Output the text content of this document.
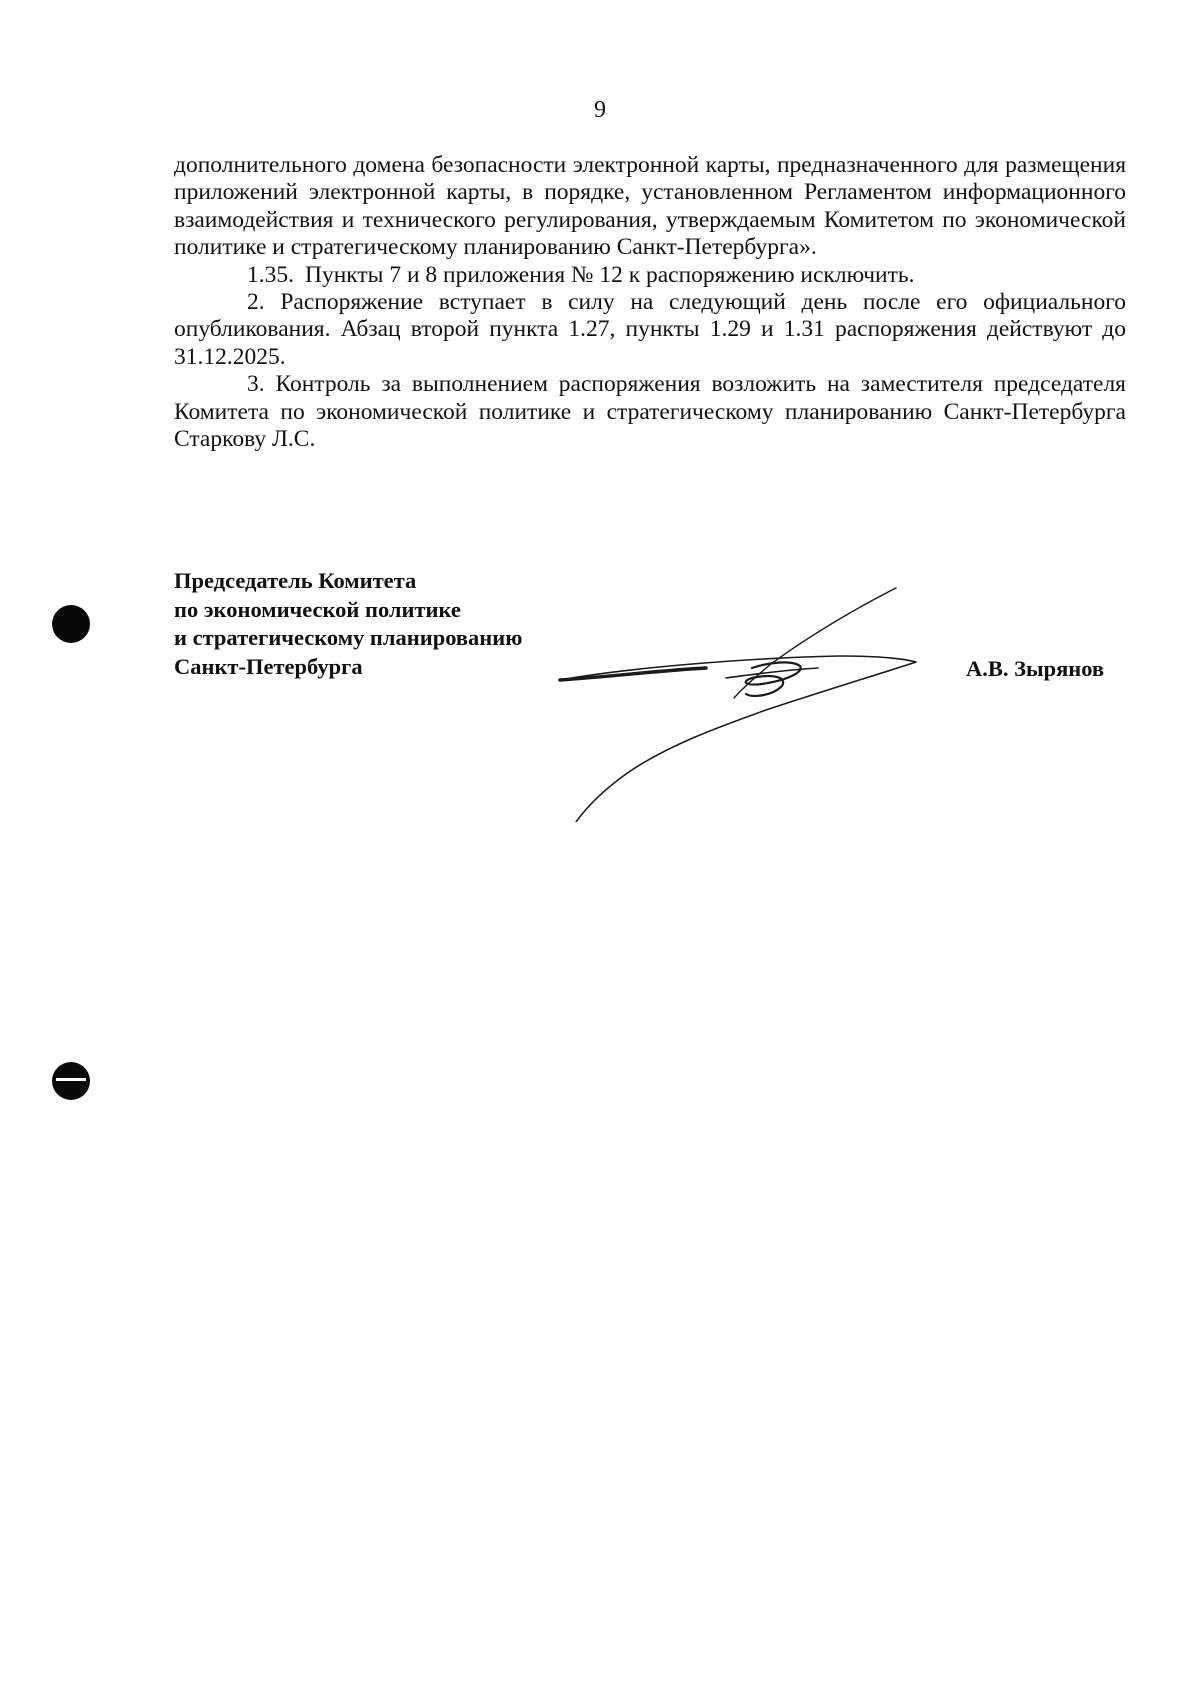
9

дополнительного домена безопасности электронной карты, предназначенного для размещения приложений электронной карты, в порядке, установленном Регламентом информационного взаимодействия и технического регулирования, утверждаемым Комитетом по экономической политике и стратегическому планированию Санкт-Петербурга».

1.35. Пункты 7 и 8 приложения № 12 к распоряжению исключить.

2. Распоряжение вступает в силу на следующий день после его официального опубликования. Абзац второй пункта 1.27, пункты 1.29 и 1.31 распоряжения действуют до 31.12.2025.

3. Контроль за выполнением распоряжения возложить на заместителя председателя Комитета по экономической политике и стратегическому планированию Санкт-Петербурга Старкову Л.С.

Председатель Комитета
по экономической политике
и стратегическому планированию
Санкт-Петербурга	А.В. Зырянов
